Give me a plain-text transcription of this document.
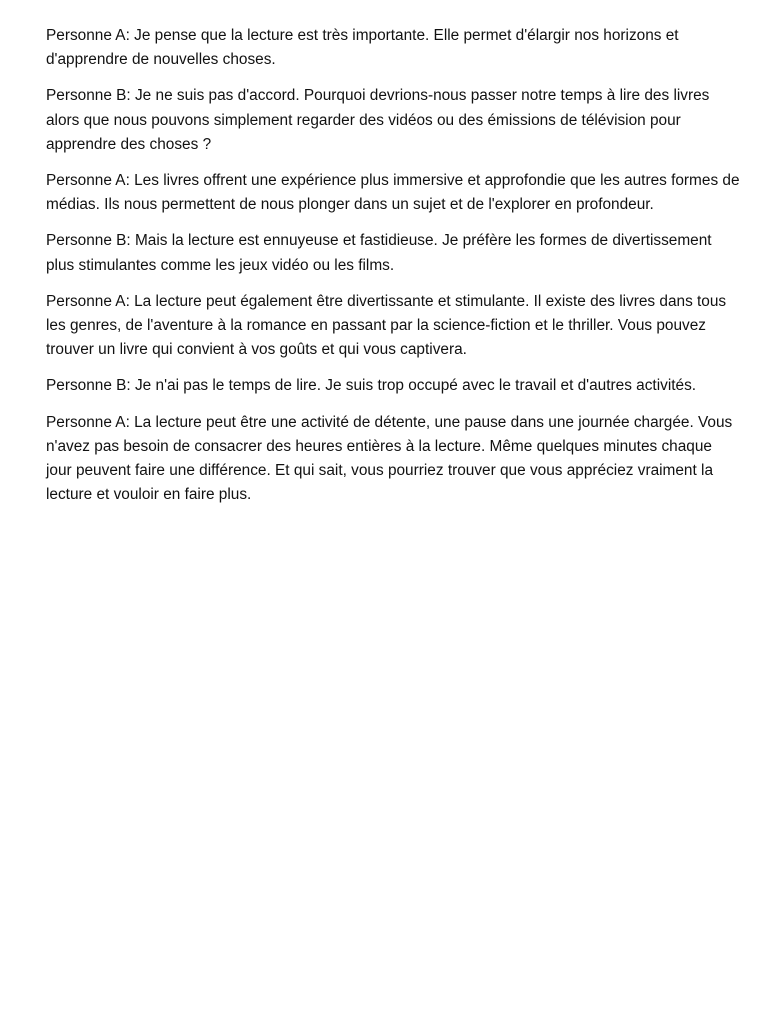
Personne A: Je pense que la lecture est très importante. Elle permet d'élargir nos horizons et d'apprendre de nouvelles choses.

Personne B: Je ne suis pas d'accord. Pourquoi devrions-nous passer notre temps à lire des livres alors que nous pouvons simplement regarder des vidéos ou des émissions de télévision pour apprendre des choses ?

Personne A: Les livres offrent une expérience plus immersive et approfondie que les autres formes de médias. Ils nous permettent de nous plonger dans un sujet et de l'explorer en profondeur.

Personne B: Mais la lecture est ennuyeuse et fastidieuse. Je préfère les formes de divertissement plus stimulantes comme les jeux vidéo ou les films.

Personne A: La lecture peut également être divertissante et stimulante. Il existe des livres dans tous les genres, de l'aventure à la romance en passant par la science-fiction et le thriller. Vous pouvez trouver un livre qui convient à vos goûts et qui vous captivera.

Personne B: Je n'ai pas le temps de lire. Je suis trop occupé avec le travail et d'autres activités.

Personne A: La lecture peut être une activité de détente, une pause dans une journée chargée. Vous n'avez pas besoin de consacrer des heures entières à la lecture. Même quelques minutes chaque jour peuvent faire une différence. Et qui sait, vous pourriez trouver que vous appréciez vraiment la lecture et vouloir en faire plus.
